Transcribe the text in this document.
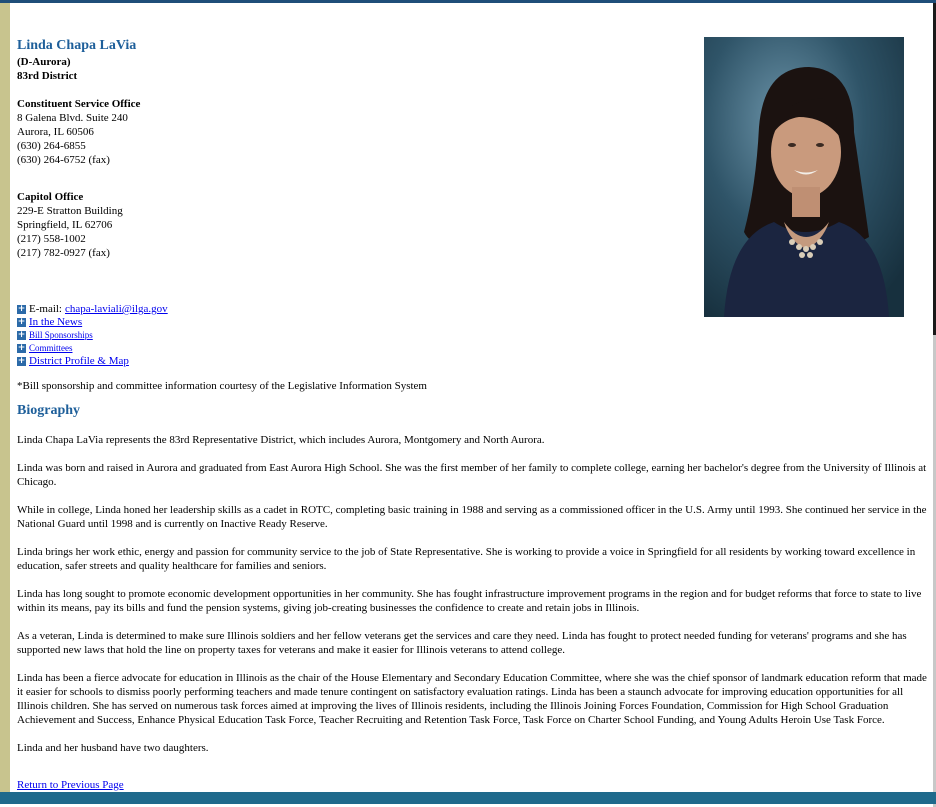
Linda Chapa LaVia
(D-Aurora)
83rd District
Constituent Service Office
8 Galena Blvd. Suite 240
Aurora, IL 60506
(630) 264-6855
(630) 264-6752 (fax)
Capitol Office
229-E Stratton Building
Springfield, IL 62706
(217) 558-1002
(217) 782-0927 (fax)
+ E-mail: chapa-laviali@ilga.gov
+ In the News
+ Bill Sponsorships
+ Committees
+ District Profile & Map
*Bill sponsorship and committee information courtesy of the Legislative Information System
Biography

Linda Chapa LaVia represents the 83rd Representative District, which includes Aurora, Montgomery and North Aurora.

Linda was born and raised in Aurora and graduated from East Aurora High School. She was the first member of her family to complete college, earning her bachelor's degree from the University of Illinois at Chicago.

While in college, Linda honed her leadership skills as a cadet in ROTC, completing basic training in 1988 and serving as a commissioned officer in the U.S. Army until 1993. She continued her service in the National Guard until 1998 and is currently on Inactive Ready Reserve.

Linda brings her work ethic, energy and passion for community service to the job of State Representative. She is working to provide a voice in Springfield for all residents by working toward excellence in education, safer streets and quality healthcare for families and seniors.

Linda has long sought to promote economic development opportunities in her community. She has fought infrastructure improvement programs in the region and for budget reforms that force to state to live within its means, pay its bills and fund the pension systems, giving job-creating businesses the confidence to create and retain jobs in Illinois.

As a veteran, Linda is determined to make sure Illinois soldiers and her fellow veterans get the services and care they need. Linda has fought to protect needed funding for veterans' programs and she has supported new laws that hold the line on property taxes for veterans and make it easier for Illinois veterans to attend college.

Linda has been a fierce advocate for education in Illinois as the chair of the House Elementary and Secondary Education Committee, where she was the chief sponsor of landmark education reform that made it easier for schools to dismiss poorly performing teachers and made tenure contingent on satisfactory evaluation ratings. Linda has been a staunch advocate for improving education opportunities for all Illinois children. She has served on numerous task forces aimed at improving the lives of Illinois residents, including the Illinois Joining Forces Foundation, Commission for High School Graduation Achievement and Success, Enhance Physical Education Task Force, Teacher Recruiting and Retention Task Force, Task Force on Charter School Funding, and Young Adults Heroin Use Task Force.

Linda and her husband have two daughters.

Return to Previous Page
